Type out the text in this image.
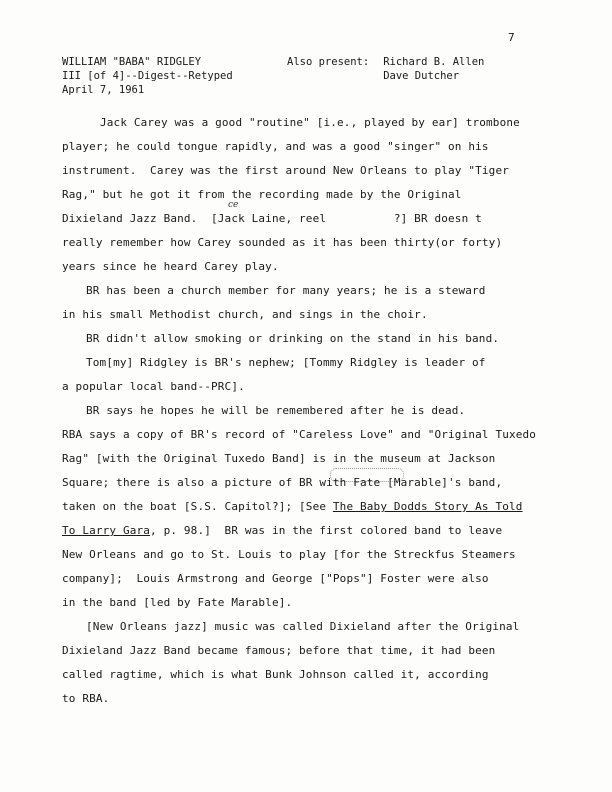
7
WILLIAM "BABA" RIDGLEY
III [of 4]--Digest--Retyped
April 7, 1961
Also present: Richard B. Allen
Dave Dutcher
Jack Carey was a good "routine" [i.e., played by ear] trombone
player; he could tongue rapidly, and was a good "singer" on his
instrument.  Carey was the first around New Orleans to play "Tiger
Rag," but he got it from the recording made by the Original
ce
Dixieland Jazz Band.  [Jack Laine, reel          ?] BR doesn t
really remember how Carey sounded as it has been thirty(or forty)
years since he heard Carey play.
BR has been a church member for many years; he is a steward
in his small Methodist church, and sings in the choir.
BR didn't allow smoking or drinking on the stand in his band.
Tom[my] Ridgley is BR's nephew; [Tommy Ridgley is leader of
a popular local band--PRC].
BR says he hopes he will be remembered after he is dead.
RBA says a copy of BR's record of "Careless Love" and "Original Tuxedo
Rag" [with the Original Tuxedo Band] is in the museum at Jackson
Square; there is also a picture of BR with Fate [Marable]'s band,
taken on the boat [S.S. Capitol?]; [See The Baby Dodds Story As Told
To Larry Gara, p. 98.]  BR was in the first colored band to leave
New Orleans and go to St. Louis to play [for the Streckfus Steamers
company];  Louis Armstrong and George ["Pops"] Foster were also
in the band [led by Fate Marable].
[New Orleans jazz] music was called Dixieland after the Original
Dixieland Jazz Band became famous; before that time, it had been
called ragtime, which is what Bunk Johnson called it, according
to RBA.
